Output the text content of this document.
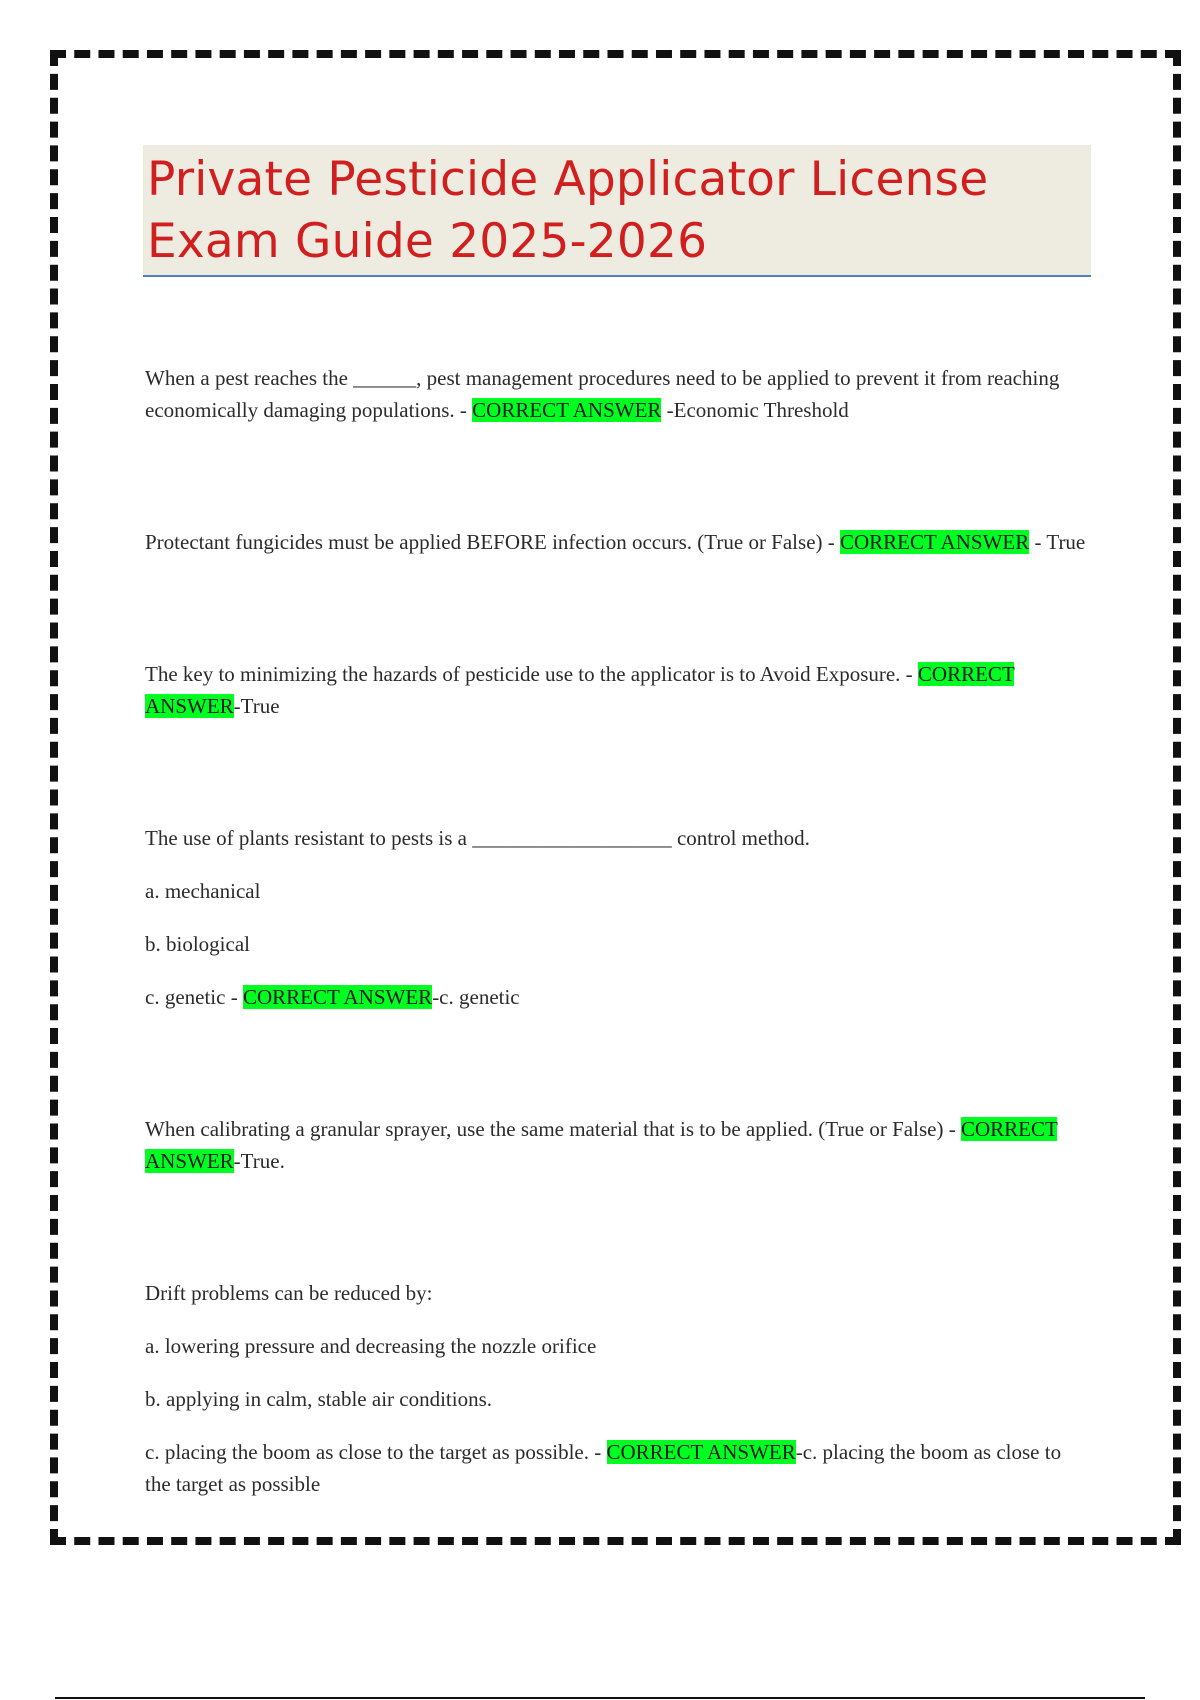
Private Pesticide Applicator License
Exam Guide 2025-2026

When a pest reaches the ______, pest management procedures need to be applied to prevent it from reaching economically damaging populations. - CORRECT ANSWER -Economic Threshold

Protectant fungicides must be applied BEFORE infection occurs. (True or False) - CORRECT ANSWER - True

The key to minimizing the hazards of pesticide use to the applicator is to Avoid Exposure. - CORRECT ANSWER-True

The use of plants resistant to pests is a ___________________ control method.

a. mechanical

b. biological

c. genetic - CORRECT ANSWER-c. genetic

When calibrating a granular sprayer, use the same material that is to be applied. (True or False) - CORRECT ANSWER-True.

Drift problems can be reduced by:

a. lowering pressure and decreasing the nozzle orifice

b. applying in calm, stable air conditions.

c. placing the boom as close to the target as possible. - CORRECT ANSWER-c. placing the boom as close to the target as possible
